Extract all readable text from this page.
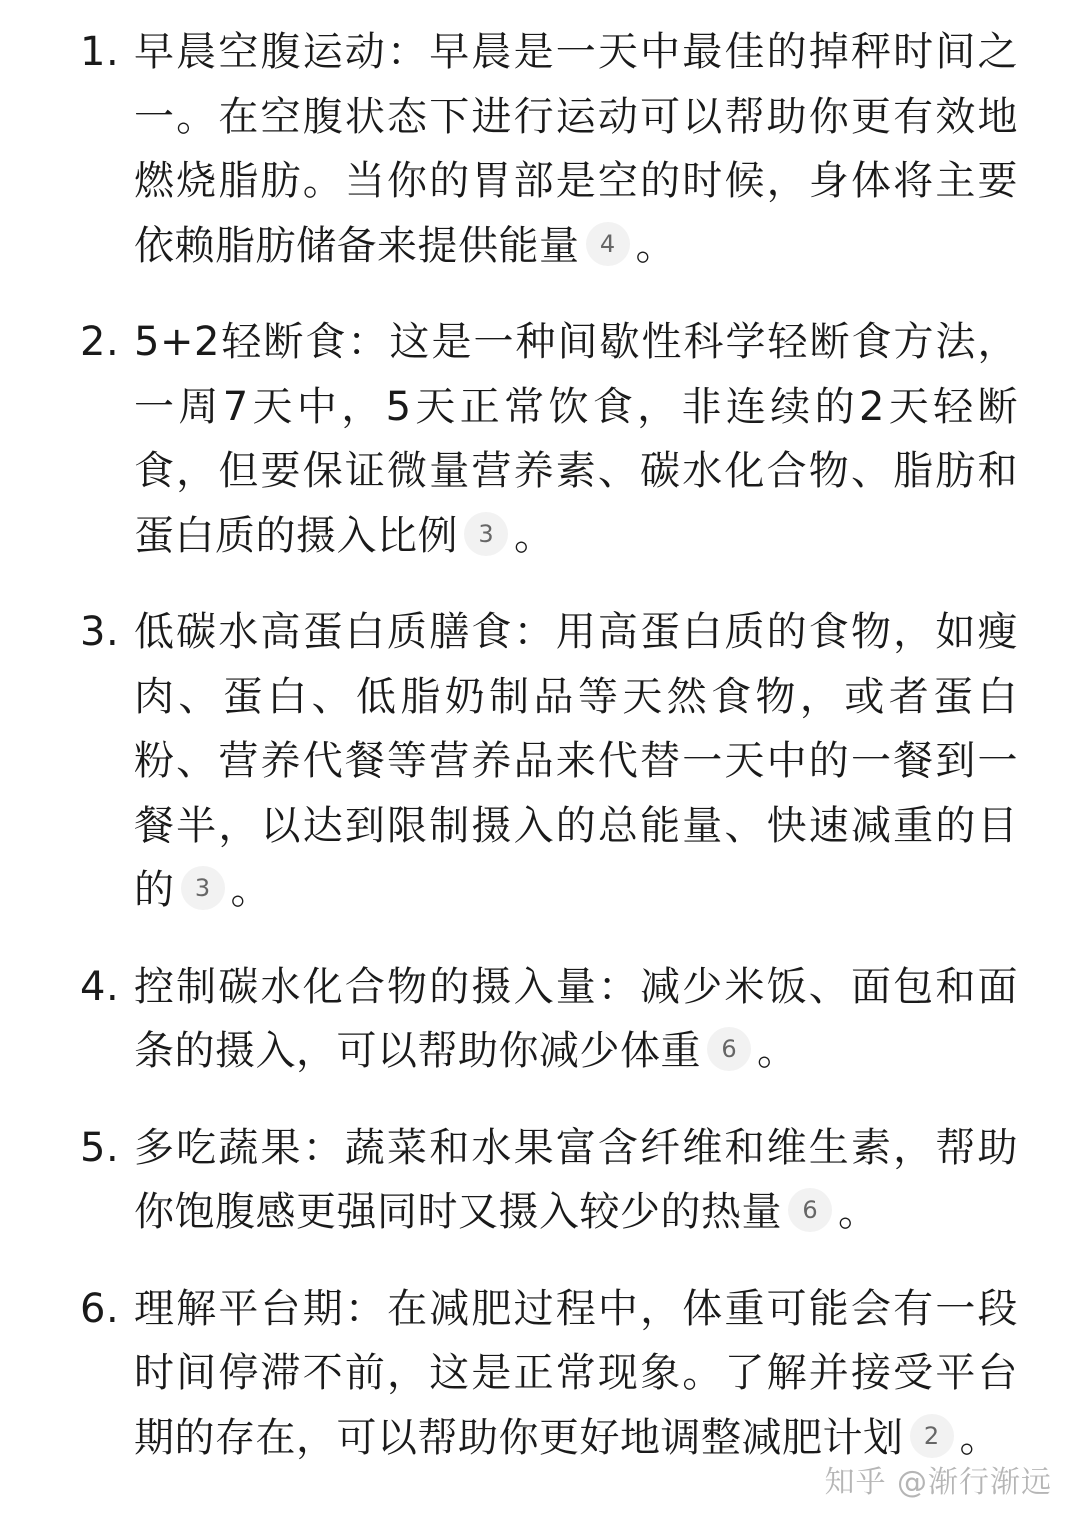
1. 早晨空腹运动：早晨是一天中最佳的掉秤时间之一。在空腹状态下进行运动可以帮助你更有效地燃烧脂肪。当你的胃部是空的时候，身体将主要依赖脂肪储备来提供能量 4 。
2. 5+2轻断食：这是一种间歇性科学轻断食方法，一周7天中，5天正常饮食，非连续的2天轻断食，但要保证微量营养素、碳水化合物、脂肪和蛋白质的摄入比例 3 。
3. 低碳水高蛋白质膳食：用高蛋白质的食物，如瘦肉、蛋白、低脂奶制品等天然食物，或者蛋白粉、营养代餐等营养品来代替一天中的一餐到一餐半，以达到限制摄入的总能量、快速减重的目的 3 。
4. 控制碳水化合物的摄入量：减少米饭、面包和面条的摄入，可以帮助你减少体重 6 。
5. 多吃蔬果：蔬菜和水果富含纤维和维生素，帮助你饱腹感更强同时又摄入较少的热量 6 。
6. 理解平台期：在减肥过程中，体重可能会有一段时间停滞不前，这是正常现象。了解并接受平台期的存在，可以帮助你更好地调整减肥计划 2 。
知乎 @渐行渐远
